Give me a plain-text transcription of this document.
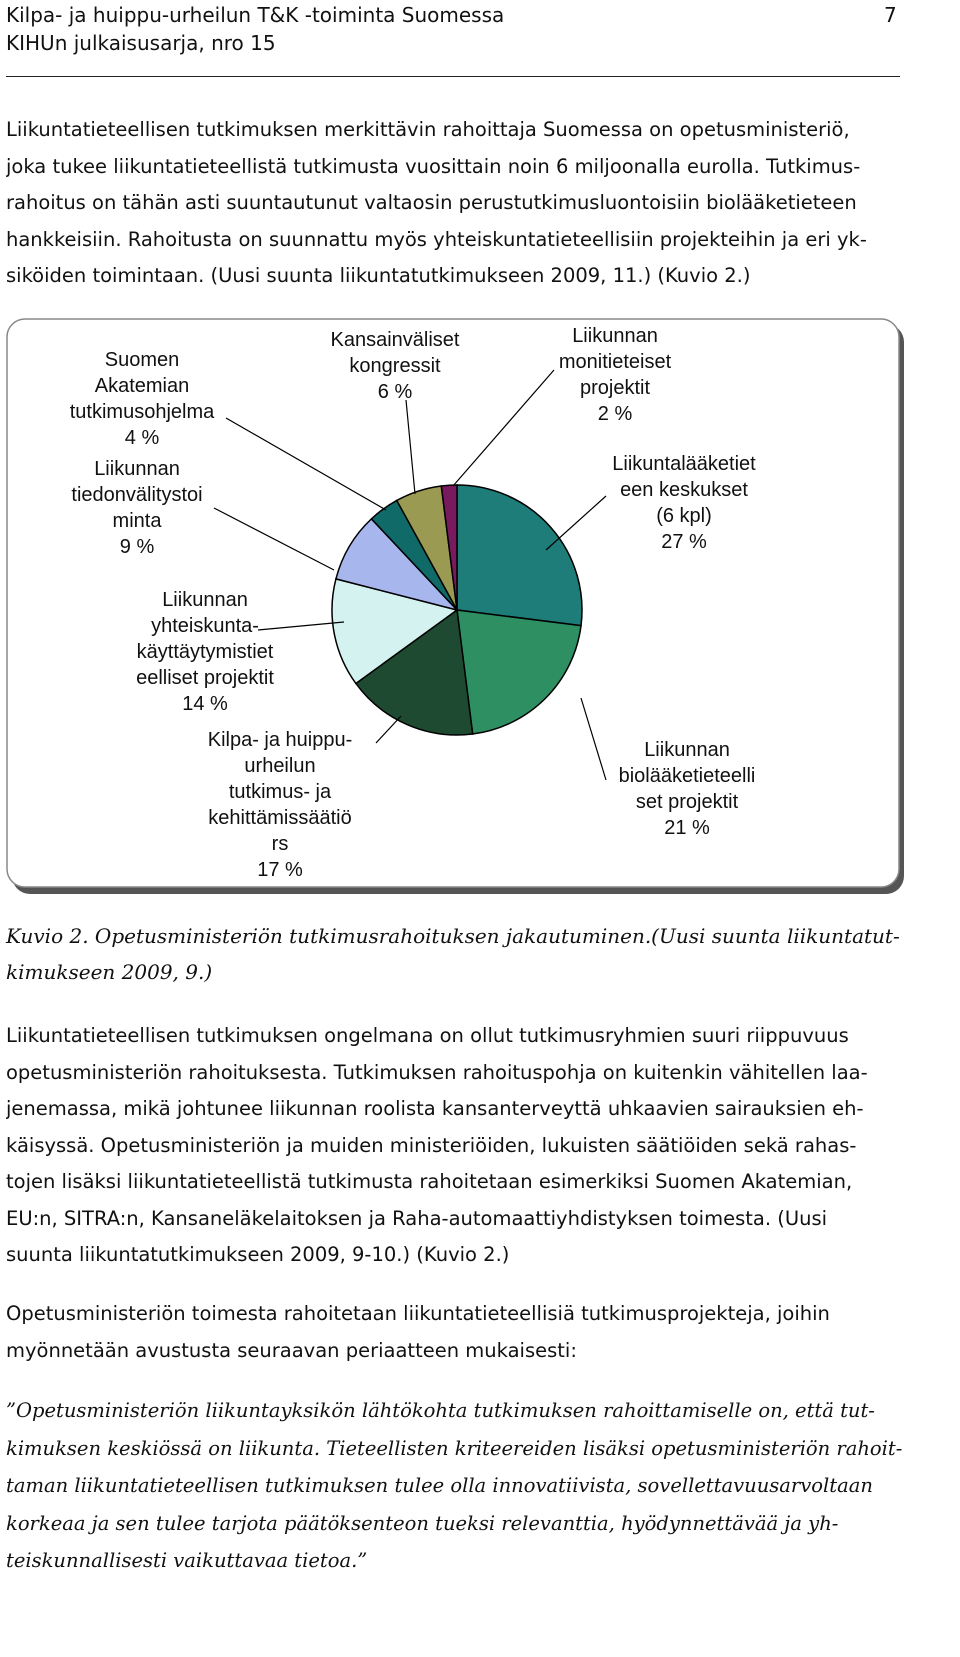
Kilpa- ja huippu-urheilun T&K -toiminta Suomessa
KIHUn julkaisusarja, nro 15
7

Liikuntatieteellisen tutkimuksen merkittävin rahoittaja Suomessa on opetusministeriö,
joka tukee liikuntatieteellistä tutkimusta vuosittain noin 6 miljoonalla eurolla. Tutkimus-
rahoitus on tähän asti suuntautunut valtaosin perustutkimusluontoisiin biolääketieteen
hankkeisiin. Rahoitusta on suunnattu myös yhteiskuntatieteellisiin projekteihin ja eri yk-
siköiden toimintaan. (Uusi suunta liikuntatutkimukseen 2009, 11.) (Kuvio 2.)

Liikuntalääketiet
een keskukset
(6 kpl)
27 %
Liikunnan
biolääketieteelli
set projektit
21 %
Kilpa- ja huippu-
urheilun
tutkimus- ja
kehittämissäätiö
rs
17 %
Liikunnan
yhteiskunta-
käyttäytymistiet
eelliset projektit
14 %
Liikunnan
tiedonvälitystoi
minta
9 %
Suomen
Akatemian
tutkimusohjelma
4 %
Kansainväliset
kongressit
6 %
Liikunnan
monitieteiset
projektit
2 %

Kuvio 2. Opetusministeriön tutkimusrahoituksen jakautuminen.(Uusi suunta liikuntatut-
kimukseen 2009, 9.)

Liikuntatieteellisen tutkimuksen ongelmana on ollut tutkimusryhmien suuri riippuvuus
opetusministeriön rahoituksesta. Tutkimuksen rahoituspohja on kuitenkin vähitellen laa-
jenemassa, mikä johtunee liikunnan roolista kansanterveyttä uhkaavien sairauksien eh-
käisyssä. Opetusministeriön ja muiden ministeriöiden, lukuisten säätiöiden sekä rahas-
tojen lisäksi liikuntatieteellistä tutkimusta rahoitetaan esimerkiksi Suomen Akatemian,
EU:n, SITRA:n, Kansaneläkelaitoksen ja Raha-automaattiyhdistyksen toimesta. (Uusi
suunta liikuntatutkimukseen 2009, 9-10.) (Kuvio 2.)

Opetusministeriön toimesta rahoitetaan liikuntatieteellisiä tutkimusprojekteja, joihin
myönnetään avustusta seuraavan periaatteen mukaisesti:

”Opetusministeriön liikuntayksikön lähtökohta tutkimuksen rahoittamiselle on, että tut-
kimuksen keskiössä on liikunta. Tieteellisten kriteereiden lisäksi opetusministeriön rahoit-
taman liikuntatieteellisen tutkimuksen tulee olla innovatiivista, sovellettavuusarvoltaan
korkeaa ja sen tulee tarjota päätöksenteon tueksi relevanttia, hyödynnettävää ja yh-
teiskunnallisesti vaikuttavaa tietoa.”
